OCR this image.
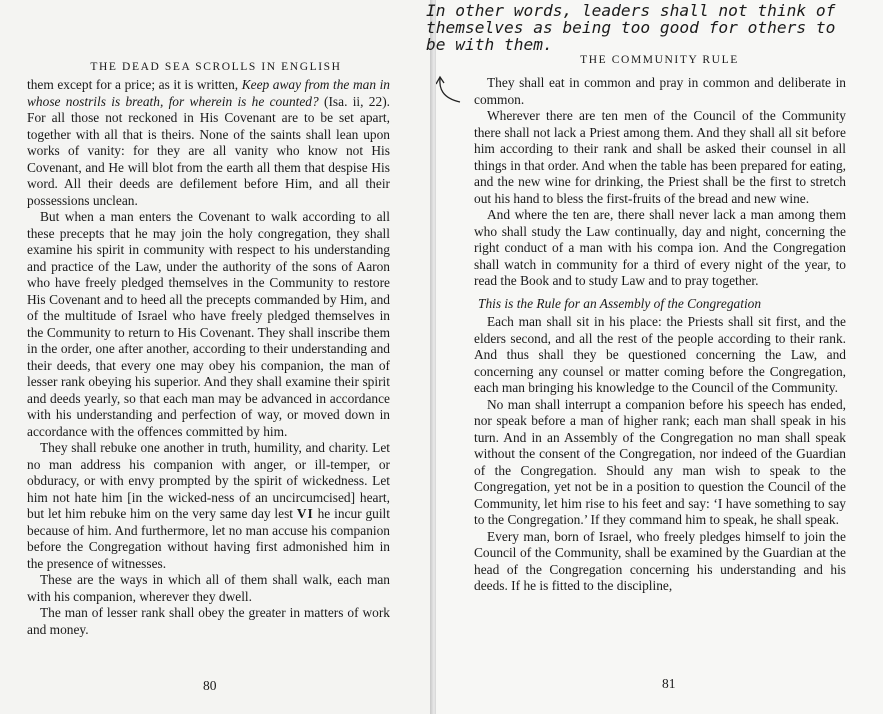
THE DEAD SEA SCROLLS IN ENGLISH

them except for a price; as it is written, Keep away from the man in whose nostrils is breath, for wherein is he counted? (Isa. ii, 22). For all those not reckoned in His Covenant are to be set apart, together with all that is theirs. None of the saints shall lean upon works of vanity: for they are all vanity who know not His Covenant, and He will blot from the earth all them that despise His word. All their deeds are defilement before Him, and all their possessions unclean.

But when a man enters the Covenant to walk according to all these precepts that he may join the holy congregation, they shall examine his spirit in community with respect to his understanding and practice of the Law, under the authority of the sons of Aaron who have freely pledged themselves in the Community to restore His Covenant and to heed all the precepts commanded by Him, and of the multitude of Israel who have freely pledged themselves in the Community to return to His Covenant. They shall inscribe them in the order, one after another, according to their understanding and their deeds, that every one may obey his companion, the man of lesser rank obeying his superior. And they shall examine their spirit and deeds yearly, so that each man may be advanced in accordance with his understanding and perfection of way, or moved down in accordance with the offences committed by him.

They shall rebuke one another in truth, humility, and charity. Let no man address his companion with anger, or ill-temper, or obduracy, or with envy prompted by the spirit of wickedness. Let him not hate him [in the wicked-ness of an uncircumcised] heart, but let him rebuke him on the very same day lest VI he incur guilt because of him. And furthermore, let no man accuse his companion before the Congregation without having first admonished him in the presence of witnesses.

These are the ways in which all of them shall walk, each man with his companion, wherever they dwell.

The man of lesser rank shall obey the greater in matters of work and money.

80
THE COMMUNITY RULE

They shall eat in common and pray in common and deliberate in common.

Wherever there are ten men of the Council of the Community there shall not lack a Priest among them. And they shall all sit before him according to their rank and shall be asked their counsel in all things in that order. And when the table has been prepared for eating, and the new wine for drinking, the Priest shall be the first to stretch out his hand to bless the first-fruits of the bread and new wine.

And where the ten are, there shall never lack a man among them who shall study the Law continually, day and night, concerning the right conduct of a man with his compa ion. And the Congregation shall watch in community for a third of every night of the year, to read the Book and to study Law and to pray together.

This is the Rule for an Assembly of the Congregation

Each man shall sit in his place: the Priests shall sit first, and the elders second, and all the rest of the people according to their rank. And thus shall they be questioned concerning the Law, and concerning any counsel or matter coming before the Congregation, each man bringing his knowledge to the Council of the Community.

No man shall interrupt a companion before his speech has ended, nor speak before a man of higher rank; each man shall speak in his turn. And in an Assembly of the Congregation no man shall speak without the consent of the Congregation, nor indeed of the Guardian of the Congregation. Should any man wish to speak to the Congregation, yet not be in a position to question the Council of the Community, let him rise to his feet and say: ‘I have something to say to the Congregation.’ If they command him to speak, he shall speak.

Every man, born of Israel, who freely pledges himself to join the Council of the Community, shall be examined by the Guardian at the head of the Congregation concerning his understanding and his deeds. If he is fitted to the discipline,

81
In other words, leaders shall not think of
themselves as being too good for others to
be with them.
